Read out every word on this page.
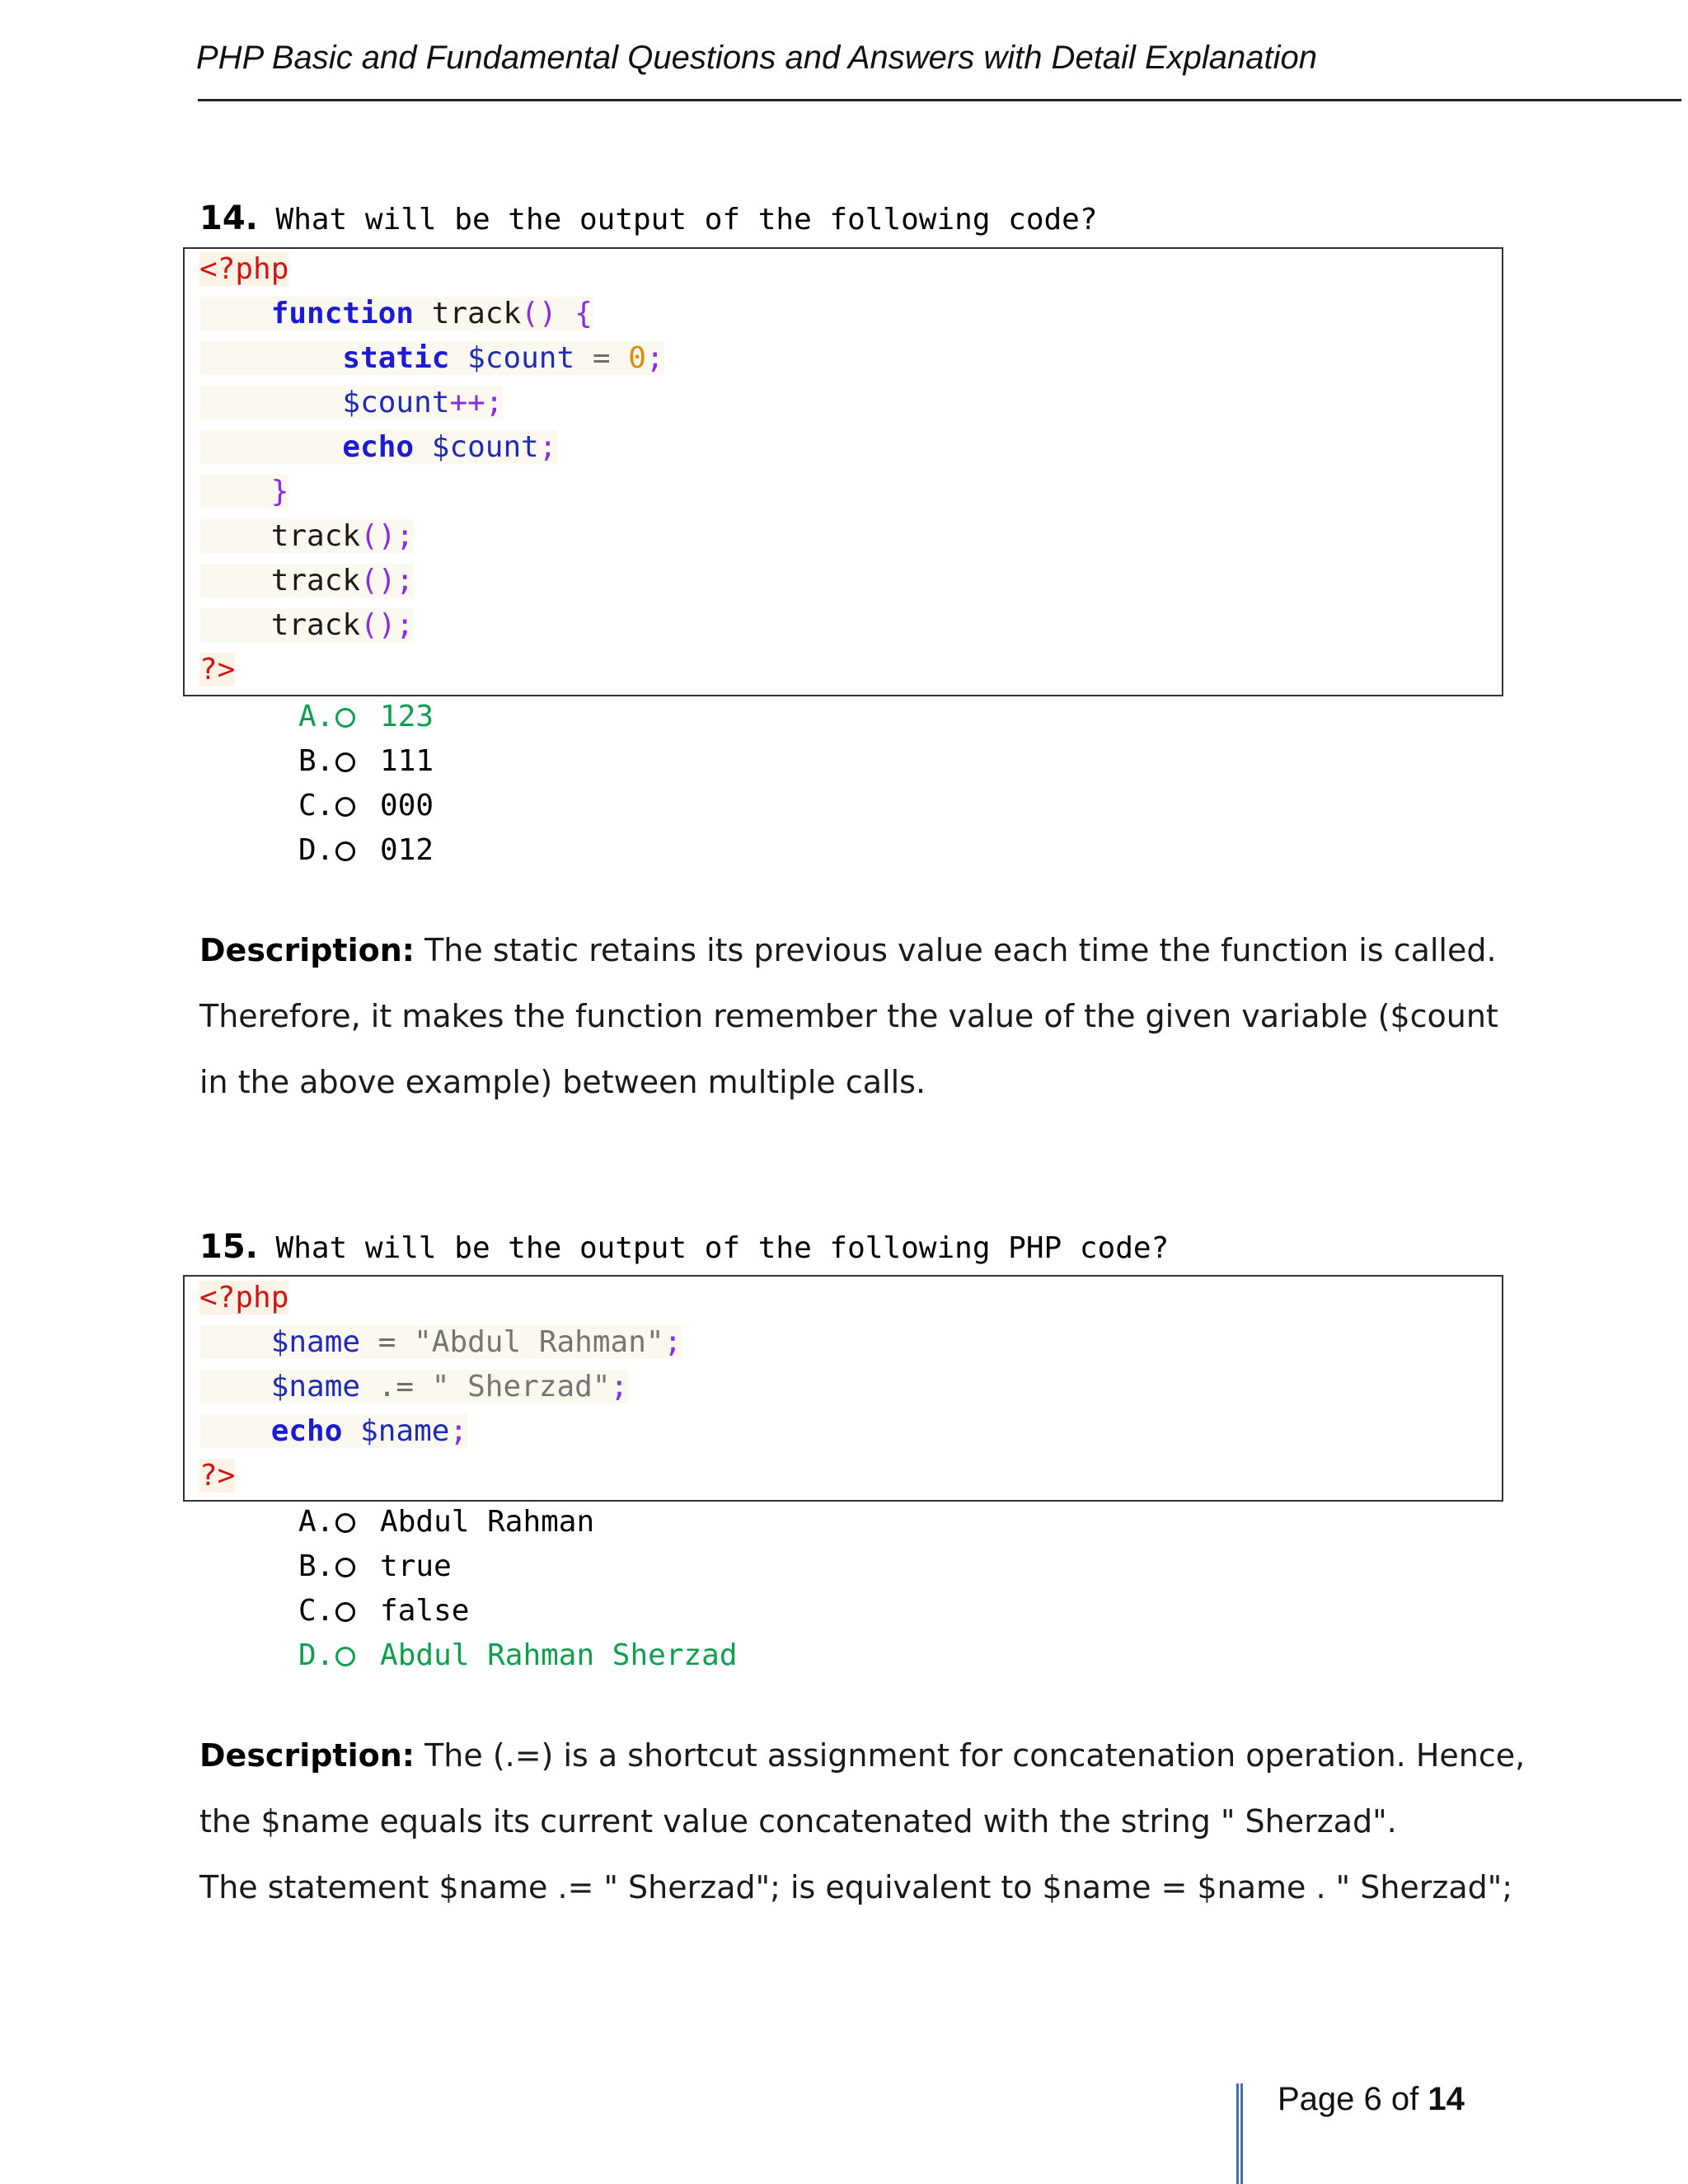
PHP Basic and Fundamental Questions and Answers with Detail Explanation
14. What will be the output of the following code?
<?php
function track() {
static $count = 0;
$count++;
echo $count;
}
track();
track();
track();
?>
A. 123
B. 111
C. 000
D. 012

Description: The static retains its previous value each time the function is called. Therefore, it makes the function remember the value of the given variable ($count in the above example) between multiple calls.

15. What will be the output of the following PHP code?
<?php
$name = "Abdul Rahman";
$name .= " Sherzad";
echo $name;
?>
A. Abdul Rahman
B. true
C. false
D. Abdul Rahman Sherzad

Description: The (.=) is a shortcut assignment for concatenation operation. Hence, the $name equals its current value concatenated with the string " Sherzad".

The statement $name .= " Sherzad"; is equivalent to $name = $name . " Sherzad";

Page 6 of 14
